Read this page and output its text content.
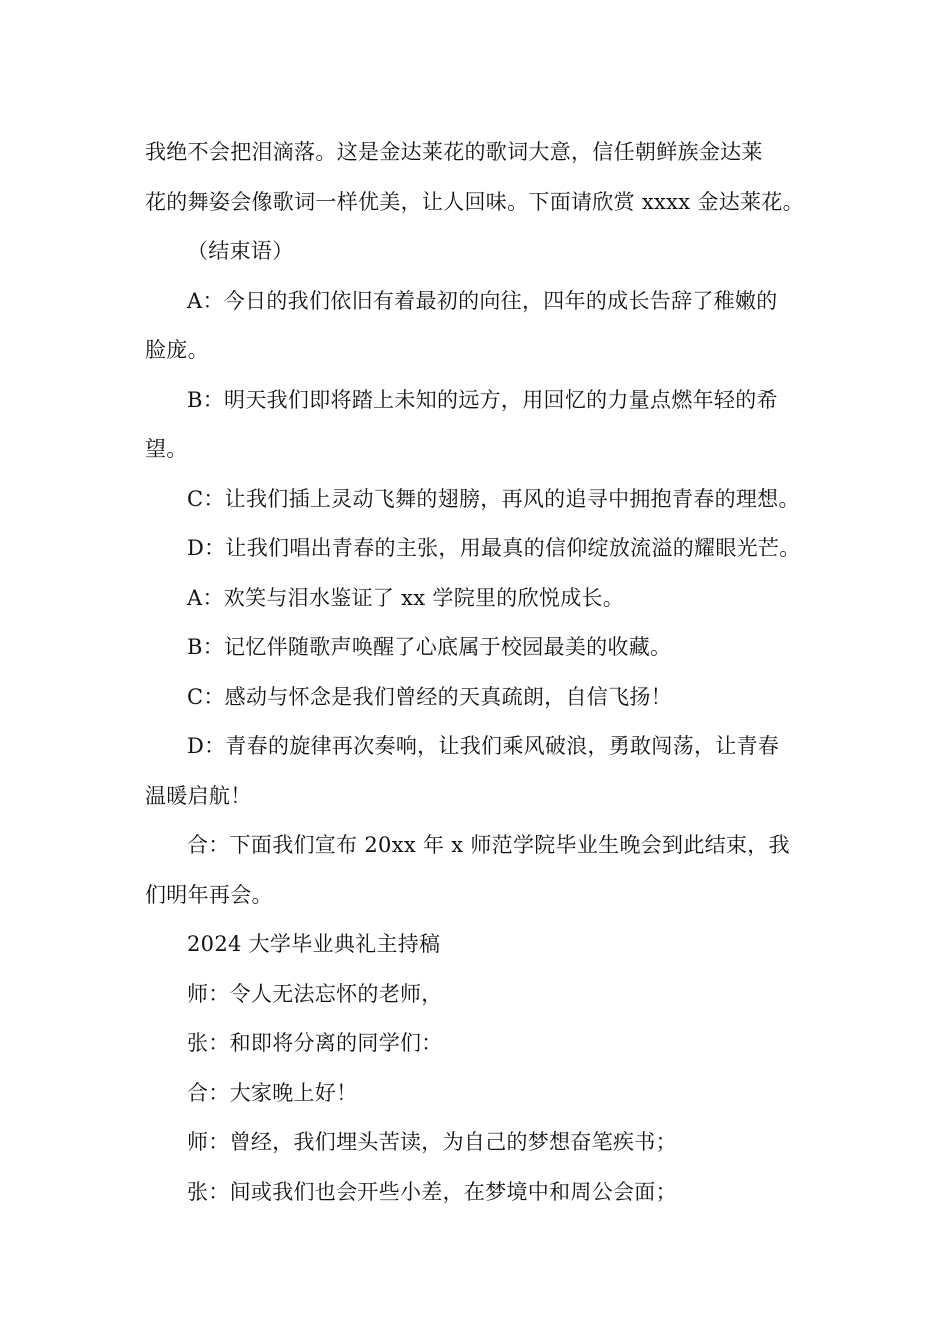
我绝不会把泪滴落。这是金达莱花的歌词大意，信任朝鲜族金达莱
花的舞姿会像歌词一样优美，让人回味。下面请欣赏 xxxx 金达莱花。

（结束语）

A：今日的我们依旧有着最初的向往，四年的成长告辞了稚嫩的
脸庞。

B：明天我们即将踏上未知的远方，用回忆的力量点燃年轻的希
望。

C：让我们插上灵动飞舞的翅膀，再风的追寻中拥抱青春的理想。

D：让我们唱出青春的主张，用最真的信仰绽放流溢的耀眼光芒。

A：欢笑与泪水鉴证了 xx 学院里的欣悦成长。

B：记忆伴随歌声唤醒了心底属于校园最美的收藏。

C：感动与怀念是我们曾经的天真疏朗，自信飞扬！

D：青春的旋律再次奏响，让我们乘风破浪，勇敢闯荡，让青春
温暖启航！

合：下面我们宣布 20xx 年 x 师范学院毕业生晚会到此结束，我
们明年再会。

2024 大学毕业典礼主持稿

师：令人无法忘怀的老师，

张：和即将分离的同学们：

合：大家晚上好！

师：曾经，我们埋头苦读，为自己的梦想奋笔疾书；

张：间或我们也会开些小差，在梦境中和周公会面；
